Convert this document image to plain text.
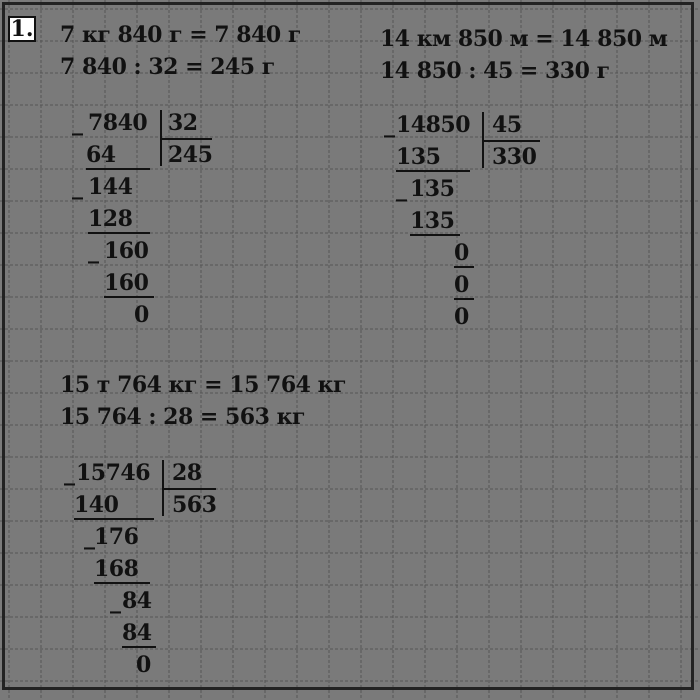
1. 7 кг 840 г = 7 840 г
7 840 : 32 = 245 г
_ 7840 32
245
64
_ 144
128
_ 160
160
0
14 км 850 м = 14 850 м
14 850 : 45 = 330 г
_ 14850 45
330
135
_ 135
135
0
0
0
15 т 764 кг = 15 764 кг
15 764 : 28 = 563 кг
_ 15746 28
563
140
_ 176
168
_ 84
84
0
